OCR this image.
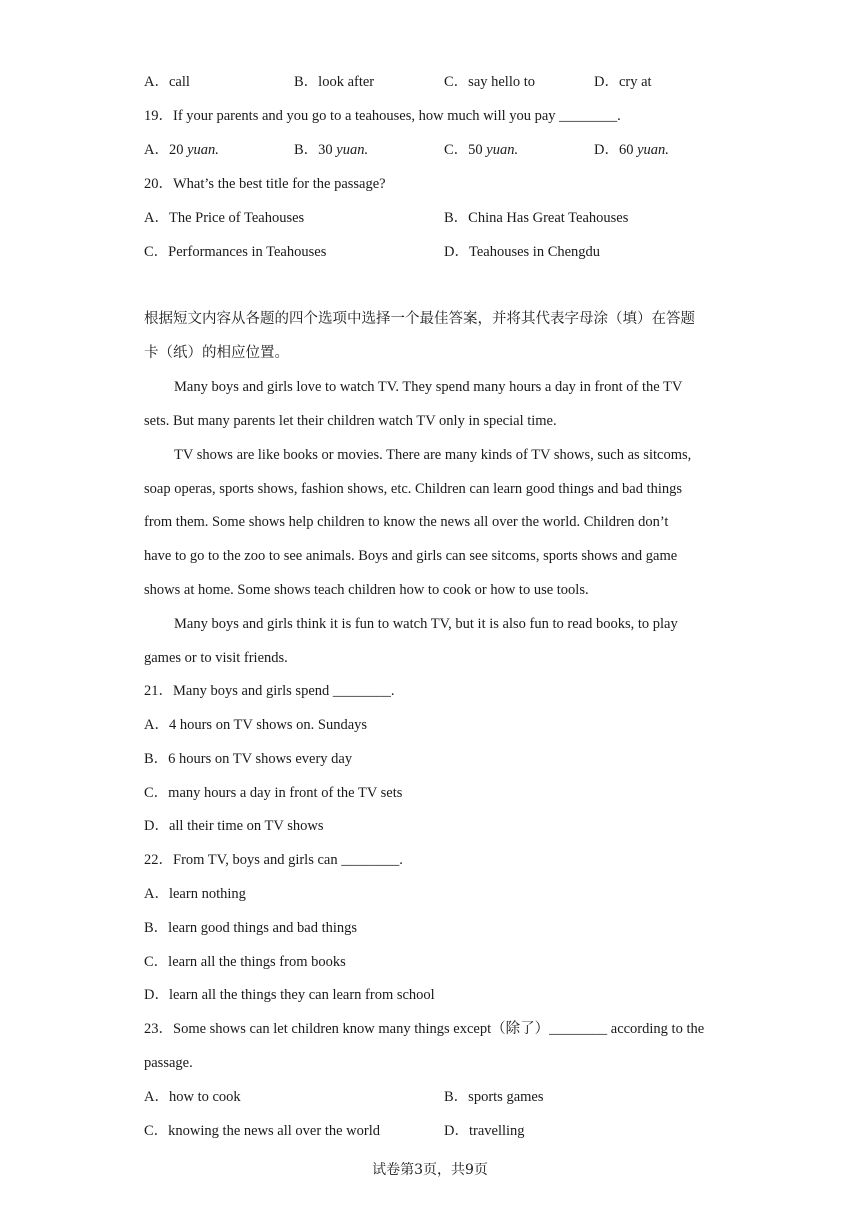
A．call	B．look after	C．say hello to	D．cry at
19．If your parents and you go to a teahouses, how much will you pay ________.
A．20 yuan.	B．30 yuan.	C．50 yuan.	D．60 yuan.
20．What’s the best title for the passage?
A．The Price of Teahouses	B．China Has Great Teahouses
C．Performances in Teahouses	D．Teahouses in Chengdu
根据短文内容从各题的四个选项中选择一个最佳答案，并将其代表字母涂（填）在答题
卡（纸）的相应位置。
Many boys and girls love to watch TV. They spend many hours a day in front of the TV
sets. But many parents let their children watch TV only in special time.
TV shows are like books or movies. There are many kinds of TV shows, such as sitcoms,
soap operas, sports shows, fashion shows, etc. Children can learn good things and bad things
from them. Some shows help children to know the news all over the world. Children don’t
have to go to the zoo to see animals. Boys and girls can see sitcoms, sports shows and game
shows at home. Some shows teach children how to cook or how to use tools.
Many boys and girls think it is fun to watch TV, but it is also fun to read books, to play
games or to visit friends.
21．Many boys and girls spend ________.
A．4 hours on TV shows on. Sundays
B．6 hours on TV shows every day
C．many hours a day in front of the TV sets
D．all their time on TV shows
22．From TV, boys and girls can ________.
A．learn nothing
B．learn good things and bad things
C．learn all the things from books
D．learn all the things they can learn from school
23．Some shows can let children know many things except（除了）________ according to the
passage.
A．how to cook	B．sports games
C．knowing the news all over the world	D．travelling
试卷第3页，共9页
